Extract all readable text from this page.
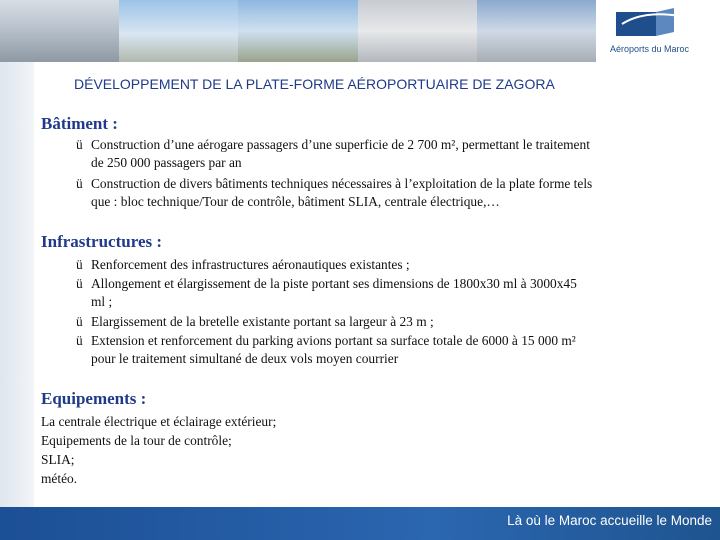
Aéroports du Maroc
DÉVELOPPEMENT DE LA PLATE-FORME AÉROPORTUAIRE DE ZAGORA
Bâtiment :
ü Construction d’une aérogare passagers d’une superficie de 2 700 m², permettant le traitement
de 250 000 passagers par an
ü Construction de divers bâtiments techniques nécessaires à l’exploitation de la plate forme tels
que : bloc technique/Tour de contrôle, bâtiment SLIA, centrale électrique,…
Infrastructures :
ü Renforcement des infrastructures aéronautiques existantes ;
ü Allongement et élargissement de la piste portant ses dimensions de 1800x30 ml à 3000x45
ml ;
ü Elargissement de la bretelle existante portant sa largeur à 23 m ;
ü Extension et renforcement du parking avions portant sa surface totale de 6000 à 15 000 m²
pour le traitement simultané de deux vols moyen courrier
Equipements :
La centrale électrique et éclairage extérieur;
Equipements de la tour de contrôle;
SLIA;
météo.
Là où le Maroc accueille le Monde
